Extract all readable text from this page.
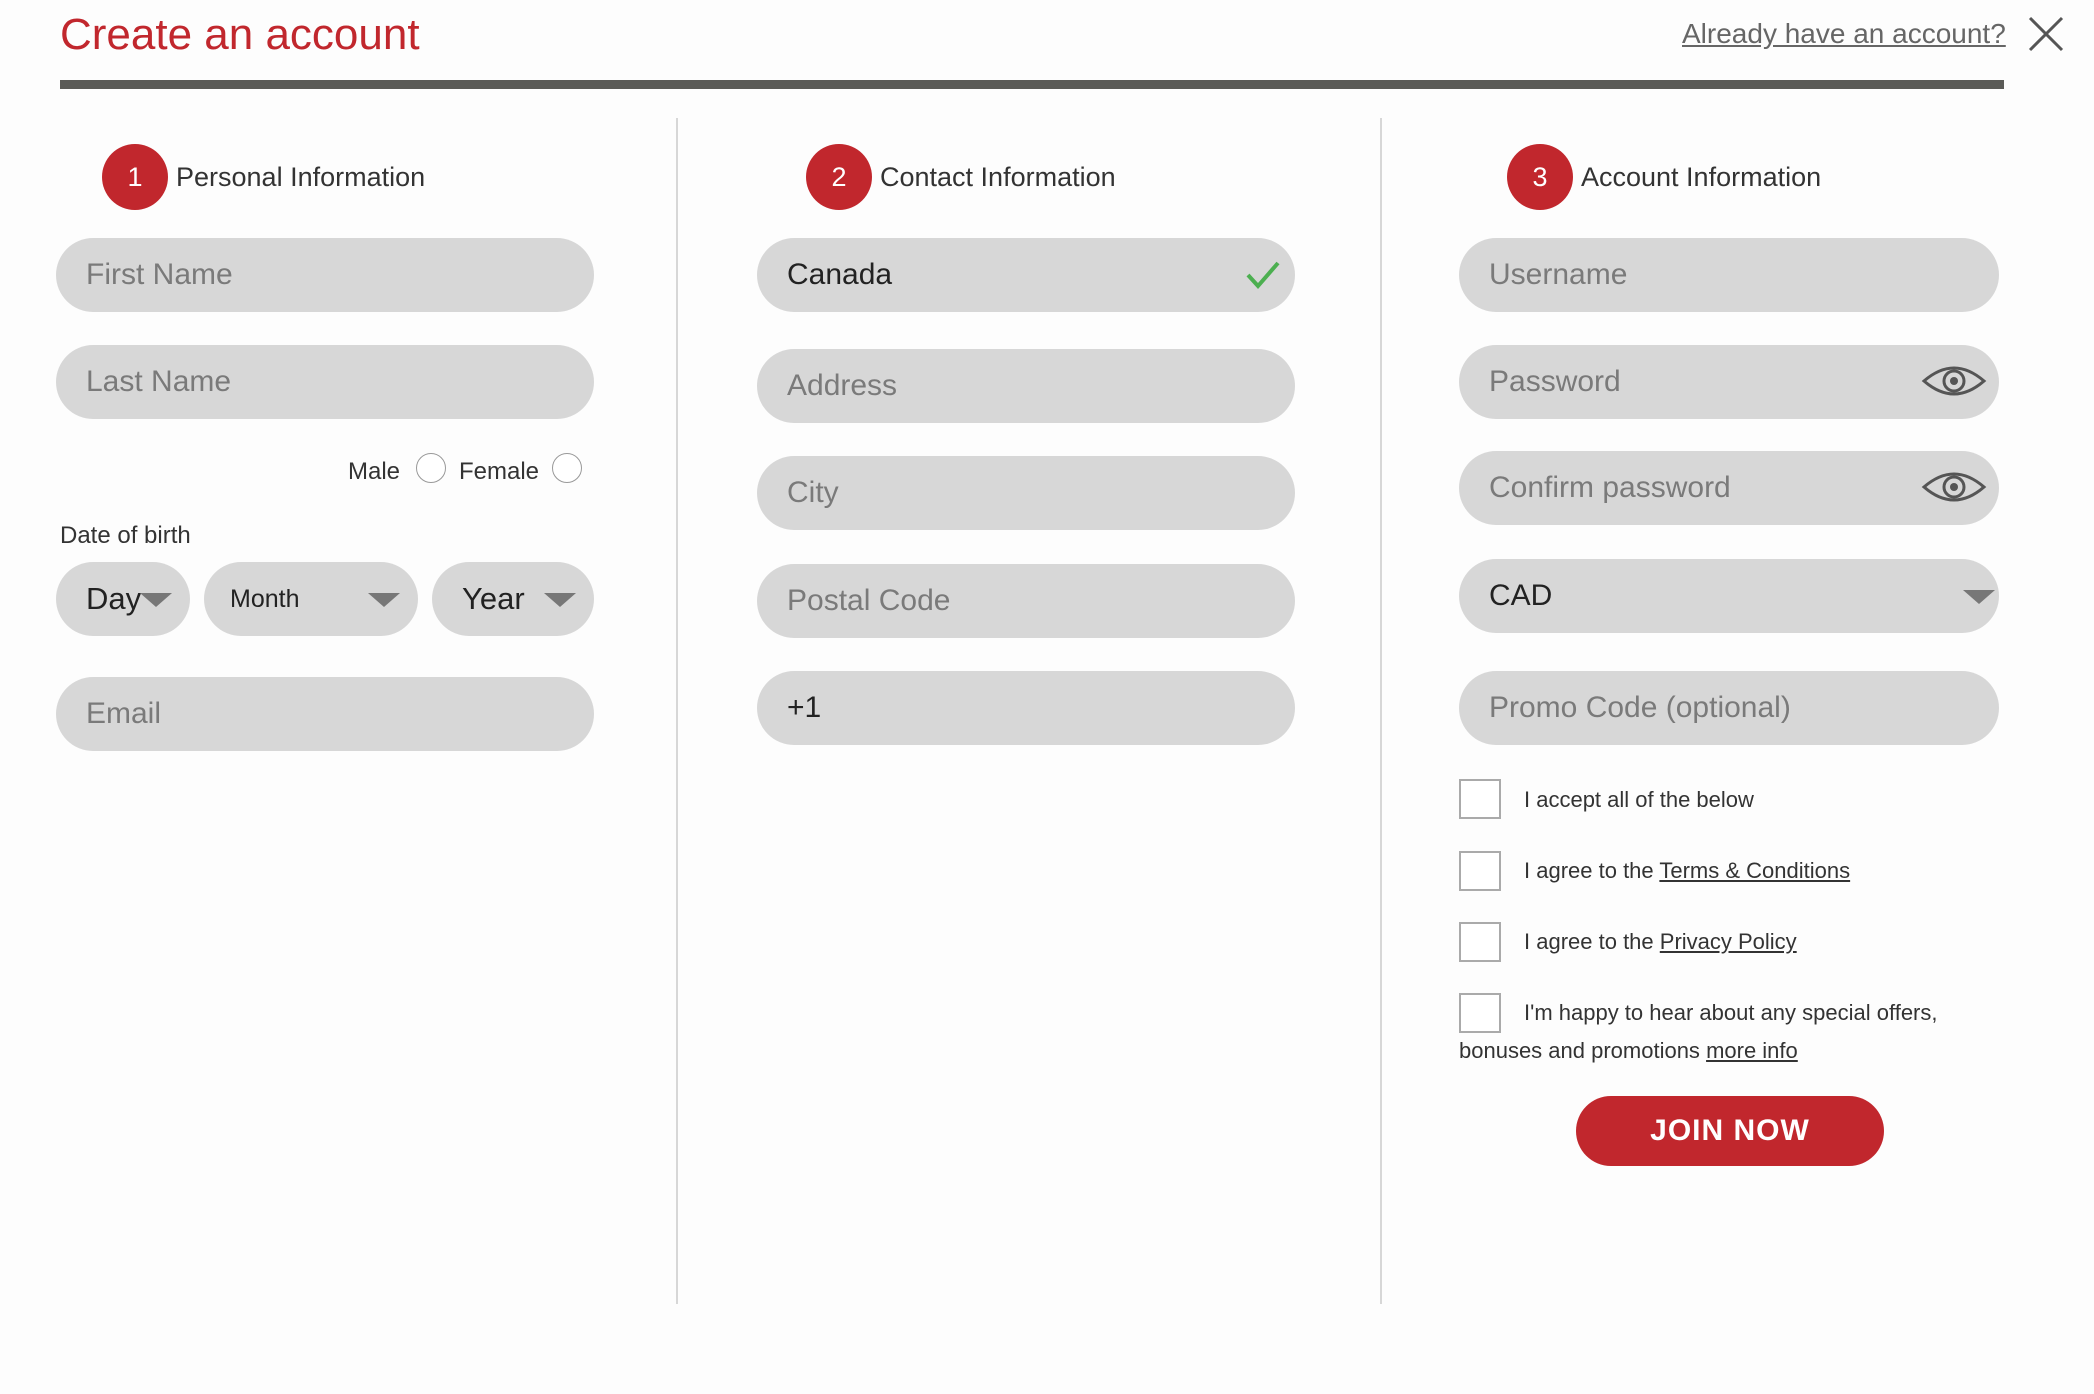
Create an account	Already have an account?
1	Personal Information
First Name
Last Name
Male Female
Date of birth
Day	Month	Year
Email
2	Contact Information
Canada
Address
City
Postal Code
+1
3	Account Information
Username
Password
Confirm password
CAD
Promo Code (optional)
I accept all of the below
I agree to the Terms & Conditions
I agree to the Privacy Policy
I'm happy to hear about any special offers,
bonuses and promotions more info
JOIN NOW
